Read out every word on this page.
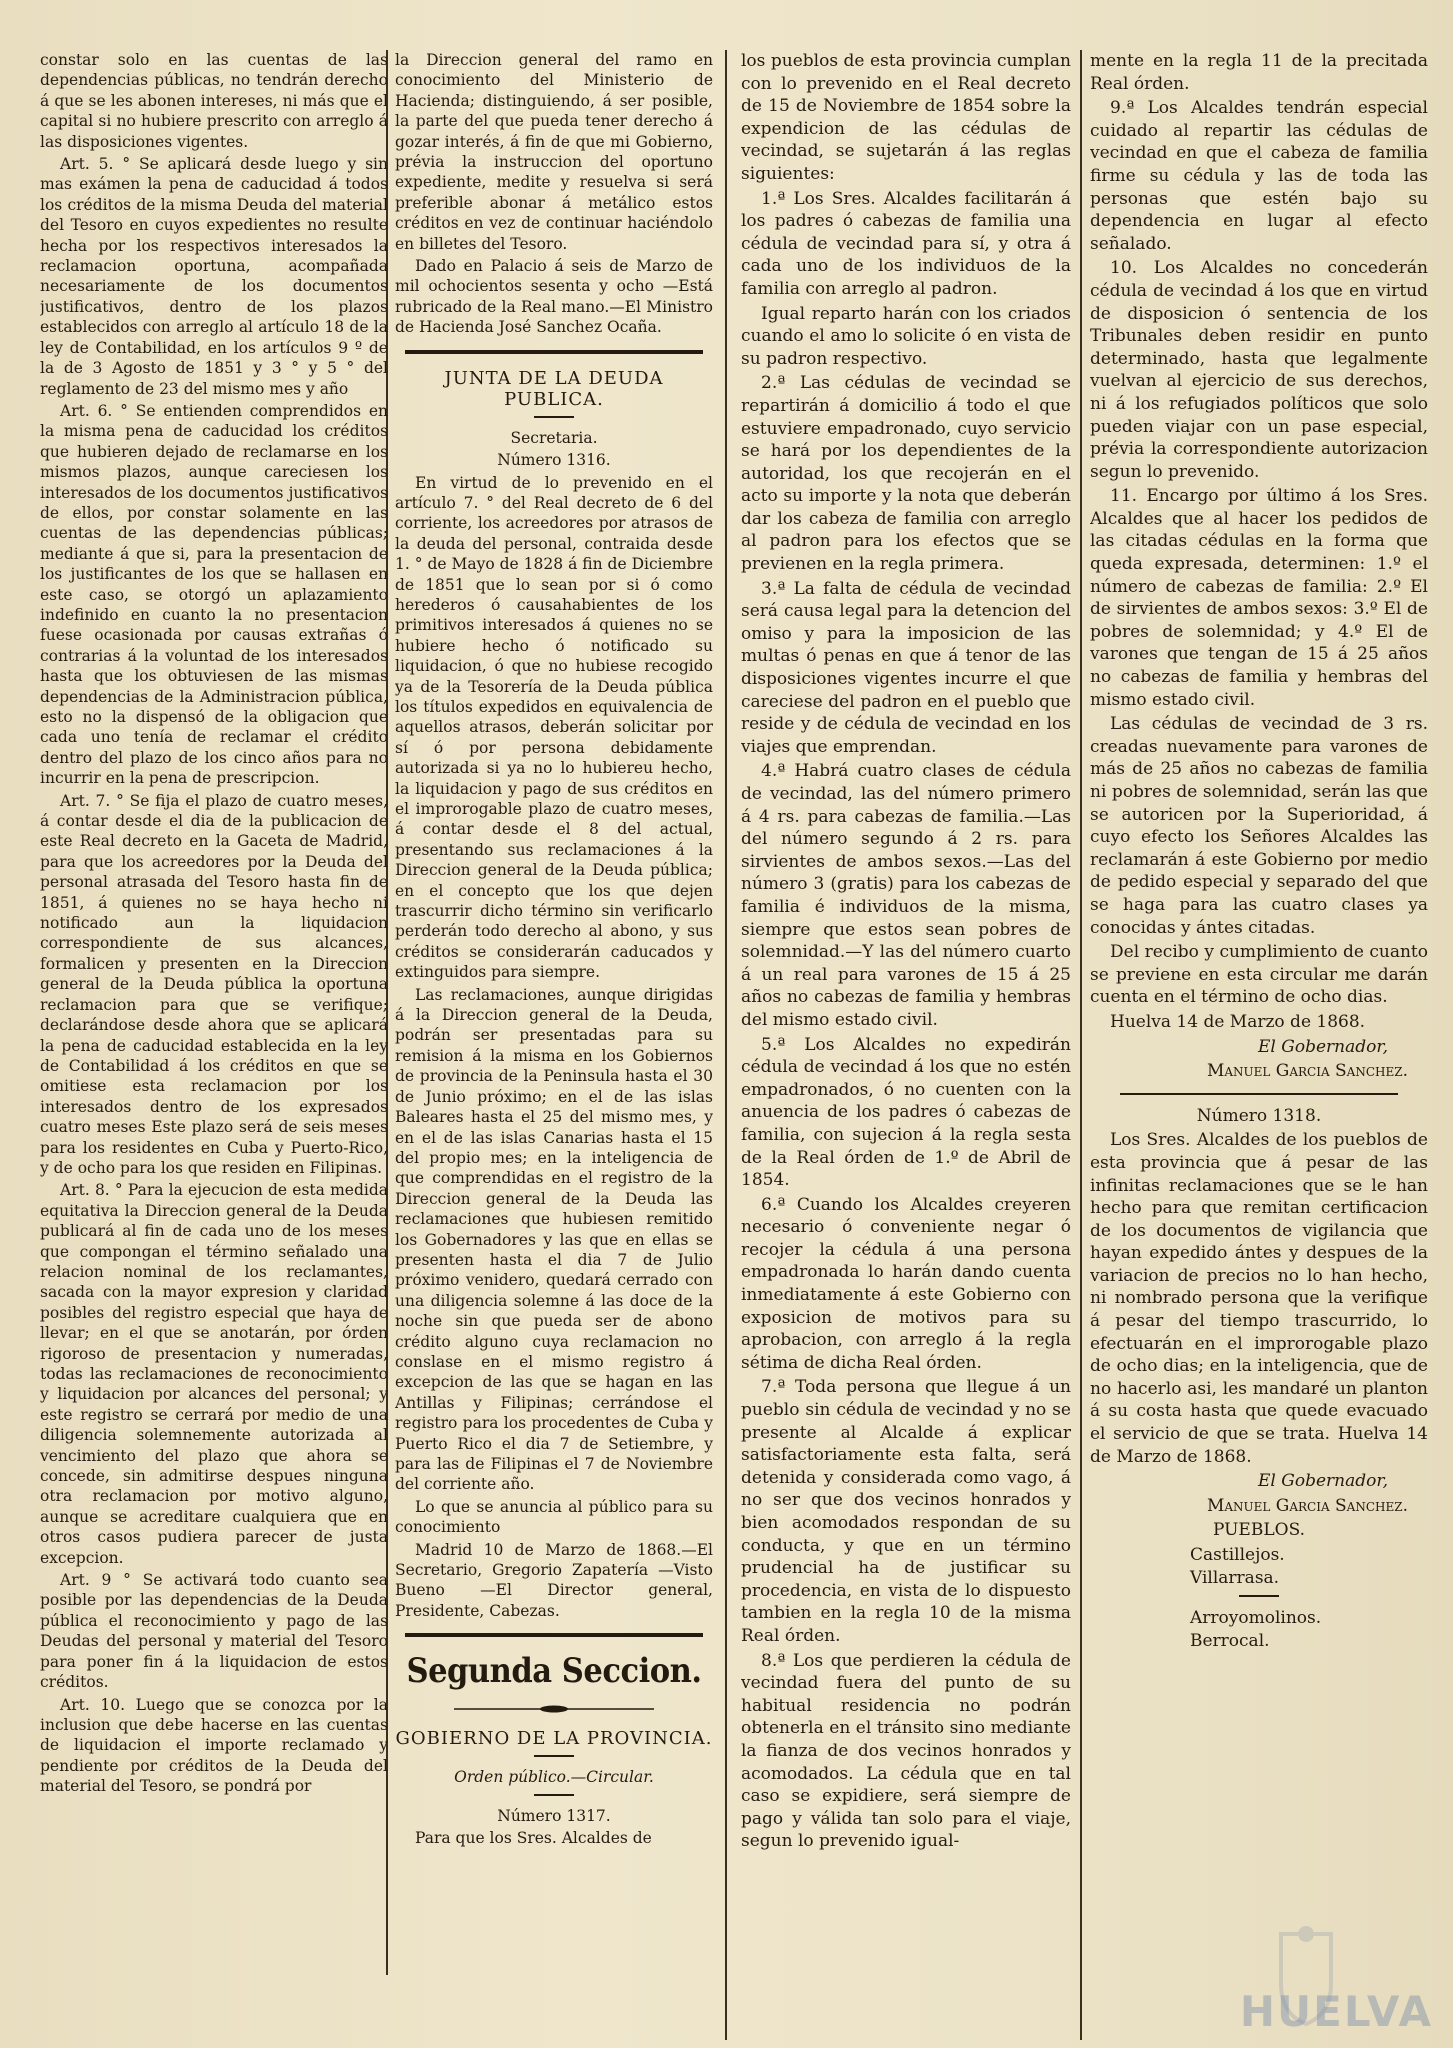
constar solo en las cuentas de las dependencias públicas, no tendrán derecho á que se les abonen intereses, ni más que el capital si no hubiere prescrito con arreglo á las disposiciones vigentes.

Art. 5. ° Se aplicará desde luego y sin mas exámen la pena de caducidad á todos los créditos de la misma Deuda del material del Tesoro en cuyos expedientes no resulte hecha por los respectivos interesados la reclamacion oportuna, acompañada necesariamente de los documentos justificativos, dentro de los plazos establecidos con arreglo al artículo 18 de la ley de Contabilidad, en los artículos 9 º de la de 3 Agosto de 1851 y 3 ° y 5 ° del reglamento de 23 del mismo mes y año

Art. 6. ° Se entienden comprendidos en la misma pena de caducidad los créditos que hubieren dejado de reclamarse en los mismos plazos, aunque careciesen los interesados de los documentos justificativos de ellos, por constar solamente en las cuentas de las dependencias públicas; mediante á que si, para la presentacion de los justificantes de los que se hallasen en este caso, se otorgó un aplazamiento indefinido en cuanto la no presentacion fuese ocasionada por causas extrañas ó contrarias á la voluntad de los interesados hasta que los obtuviesen de las mismas dependencias de la Administracion pública, esto no la dispensó de la obligacion que cada uno tenía de reclamar el crédito dentro del plazo de los cinco años para no incurrir en la pena de prescripcion.

Art. 7. ° Se fija el plazo de cuatro meses, á contar desde el dia de la publicacion de este Real decreto en la Gaceta de Madrid, para que los acreedores por la Deuda del personal atrasada del Tesoro hasta fin de 1851, á quienes no se haya hecho ni notificado aun la liquidacion correspondiente de sus alcances, formalicen y presenten en la Direccion general de la Deuda pública la oportuna reclamacion para que se verifique; declarándose desde ahora que se aplicará la pena de caducidad establecida en la ley de Contabilidad á los créditos en que se omitiese esta reclamacion por los interesados dentro de los expresados cuatro meses Este plazo será de seis meses para los residentes en Cuba y Puerto-Rico, y de ocho para los que residen en Filipinas.

Art. 8. ° Para la ejecucion de esta medida equitativa la Direccion general de la Deuda publicará al fin de cada uno de los meses que compongan el término señalado una relacion nominal de los reclamantes, sacada con la mayor expresion y claridad posibles del registro especial que haya de llevar; en el que se anotarán, por órden rigoroso de presentacion y numeradas, todas las reclamaciones de reconocimiento y liquidacion por alcances del personal; y este registro se cerrará por medio de una diligencia solemnemente autorizada al vencimiento del plazo que ahora se concede, sin admitirse despues ninguna otra reclamacion por motivo alguno, aunque se acreditare cualquiera que en otros casos pudiera parecer de justa excepcion.

Art. 9 ° Se activará todo cuanto sea posible por las dependencias de la Deuda pública el reconocimiento y pago de las Deudas del personal y material del Tesoro para poner fin á la liquidacion de estos créditos.

Art. 10. Luego que se conozca por la inclusion que debe hacerse en las cuentas de liquidacion el importe reclamado y pendiente por créditos de la Deuda del material del Tesoro, se pondrá por

la Direccion general del ramo en conocimiento del Ministerio de Hacienda; distinguiendo, á ser posible, la parte del que pueda tener derecho á gozar interés, á fin de que mi Gobierno, prévia la instruccion del oportuno expediente, medite y resuelva si será preferible abonar á metálico estos créditos en vez de continuar haciéndolo en billetes del Tesoro.

Dado en Palacio á seis de Marzo de mil ochocientos sesenta y ocho —Está rubricado de la Real mano.—El Ministro de Hacienda José Sanchez Ocaña.

JUNTA DE LA DEUDA PUBLICA.

Secretaria.

Número 1316.

En virtud de lo prevenido en el artículo 7. ° del Real decreto de 6 del corriente, los acreedores por atrasos de la deuda del personal, contraida desde 1. ° de Mayo de 1828 á fin de Diciembre de 1851 que lo sean por si ó como herederos ó causahabientes de los primitivos interesados á quienes no se hubiere hecho ó notificado su liquidacion, ó que no hubiese recogido ya de la Tesorería de la Deuda pública los títulos expedidos en equivalencia de aquellos atrasos, deberán solicitar por sí ó por persona debidamente autorizada si ya no lo hubiereu hecho, la liquidacion y pago de sus créditos en el improrogable plazo de cuatro meses, á contar desde el 8 del actual, presentando sus reclamaciones á la Direccion general de la Deuda pública; en el concepto que los que dejen trascurrir dicho término sin verificarlo perderán todo derecho al abono, y sus créditos se considerarán caducados y extinguidos para siempre.

Las reclamaciones, aunque dirigidas á la Direccion general de la Deuda, podrán ser presentadas para su remision á la misma en los Gobiernos de provincia de la Peninsula hasta el 30 de Junio próximo; en el de las islas Baleares hasta el 25 del mismo mes, y en el de las islas Canarias hasta el 15 del propio mes; en la inteligencia de que comprendidas en el registro de la Direccion general de la Deuda las reclamaciones que hubiesen remitido los Gobernadores y las que en ellas se presenten hasta el dia 7 de Julio próximo venidero, quedará cerrado con una diligencia solemne á las doce de la noche sin que pueda ser de abono crédito alguno cuya reclamacion no conslase en el mismo registro á excepcion de las que se hagan en las Antillas y Filipinas; cerrándose el registro para los procedentes de Cuba y Puerto Rico el dia 7 de Setiembre, y para las de Filipinas el 7 de Noviembre del corriente año.

Lo que se anuncia al público para su conocimiento

Madrid 10 de Marzo de 1868.—El Secretario, Gregorio Zapatería —Visto Bueno —El Director general, Presidente, Cabezas.

Segunda Seccion.
GOBIERNO DE LA PROVINCIA.

Orden público.—Circular.

Número 1317.

Para que los Sres. Alcaldes de

los pueblos de esta provincia cumplan con lo prevenido en el Real decreto de 15 de Noviembre de 1854 sobre la expendicion de las cédulas de vecindad, se sujetarán á las reglas siguientes:

1.ª Los Sres. Alcaldes facilitarán á los padres ó cabezas de familia una cédula de vecindad para sí, y otra á cada uno de los individuos de la familia con arreglo al padron.

Igual reparto harán con los criados cuando el amo lo solicite ó en vista de su padron respectivo.

2.ª Las cédulas de vecindad se repartirán á domicilio á todo el que estuviere empadronado, cuyo servicio se hará por los dependientes de la autoridad, los que recojerán en el acto su importe y la nota que deberán dar los cabeza de familia con arreglo al padron para los efectos que se previenen en la regla primera.

3.ª La falta de cédula de vecindad será causa legal para la detencion del omiso y para la imposicion de las multas ó penas en que á tenor de las disposiciones vigentes incurre el que careciese del padron en el pueblo que reside y de cédula de vecindad en los viajes que emprendan.

4.ª Habrá cuatro clases de cédula de vecindad, las del número primero á 4 rs. para cabezas de familia.—Las del número segundo á 2 rs. para sirvientes de ambos sexos.—Las del número 3 (gratis) para los cabezas de familia é individuos de la misma, siempre que estos sean pobres de solemnidad.—Y las del número cuarto á un real para varones de 15 á 25 años no cabezas de familia y hembras del mismo estado civil.

5.ª Los Alcaldes no expedirán cédula de vecindad á los que no estén empadronados, ó no cuenten con la anuencia de los padres ó cabezas de familia, con sujecion á la regla sesta de la Real órden de 1.º de Abril de 1854.

6.ª Cuando los Alcaldes creyeren necesario ó conveniente negar ó recojer la cédula á una persona empadronada lo harán dando cuenta inmediatamente á este Gobierno con exposicion de motivos para su aprobacion, con arreglo á la regla sétima de dicha Real órden.

7.ª Toda persona que llegue á un pueblo sin cédula de vecindad y no se presente al Alcalde á explicar satisfactoriamente esta falta, será detenida y considerada como vago, á no ser que dos vecinos honrados y bien acomodados respondan de su conducta, y que en un término prudencial ha de justificar su procedencia, en vista de lo dispuesto tambien en la regla 10 de la misma Real órden.

8.ª Los que perdieren la cédula de vecindad fuera del punto de su habitual residencia no podrán obtenerla en el tránsito sino mediante la fianza de dos vecinos honrados y acomodados. La cédula que en tal caso se expidiere, será siempre de pago y válida tan solo para el viaje, segun lo prevenido igual-

mente en la regla 11 de la precitada Real órden.

9.ª Los Alcaldes tendrán especial cuidado al repartir las cédulas de vecindad en que el cabeza de familia firme su cédula y las de toda las personas que estén bajo su dependencia en lugar al efecto señalado.

10. Los Alcaldes no concederán cédula de vecindad á los que en virtud de disposicion ó sentencia de los Tribunales deben residir en punto determinado, hasta que legalmente vuelvan al ejercicio de sus derechos, ni á los refugiados políticos que solo pueden viajar con un pase especial, prévia la correspondiente autorizacion segun lo prevenido.

11. Encargo por último á los Sres. Alcaldes que al hacer los pedidos de las citadas cédulas en la forma que queda expresada, determinen: 1.º el número de cabezas de familia: 2.º El de sirvientes de ambos sexos: 3.º El de pobres de solemnidad; y 4.º El de varones que tengan de 15 á 25 años no cabezas de familia y hembras del mismo estado civil.

Las cédulas de vecindad de 3 rs. creadas nuevamente para varones de más de 25 años no cabezas de familia ni pobres de solemnidad, serán las que se autoricen por la Superioridad, á cuyo efecto los Señores Alcaldes las reclamarán á este Gobierno por medio de pedido especial y separado del que se haga para las cuatro clases ya conocidas y ántes citadas.

Del recibo y cumplimiento de cuanto se previene en esta circular me darán cuenta en el término de ocho dias.

Huelva 14 de Marzo de 1868.

El Gobernador,

Manuel Garcia Sanchez.

Número 1318.

Los Sres. Alcaldes de los pueblos de esta provincia que á pesar de las infinitas reclamaciones que se le han hecho para que remitan certificacion de los documentos de vigilancia que hayan expedido ántes y despues de la variacion de precios no lo han hecho, ni nombrado persona que la verifique á pesar del tiempo trascurrido, lo efectuarán en el improrogable plazo de ocho dias; en la inteligencia, que de no hacerlo asi, les mandaré un planton á su costa hasta que quede evacuado el servicio de que se trata. Huelva 14 de Marzo de 1868.

El Gobernador,

Manuel Garcia Sanchez.

PUEBLOS.

Castillejos.

Villarrasa.

Arroyomolinos.

Berrocal.

HUELVA
